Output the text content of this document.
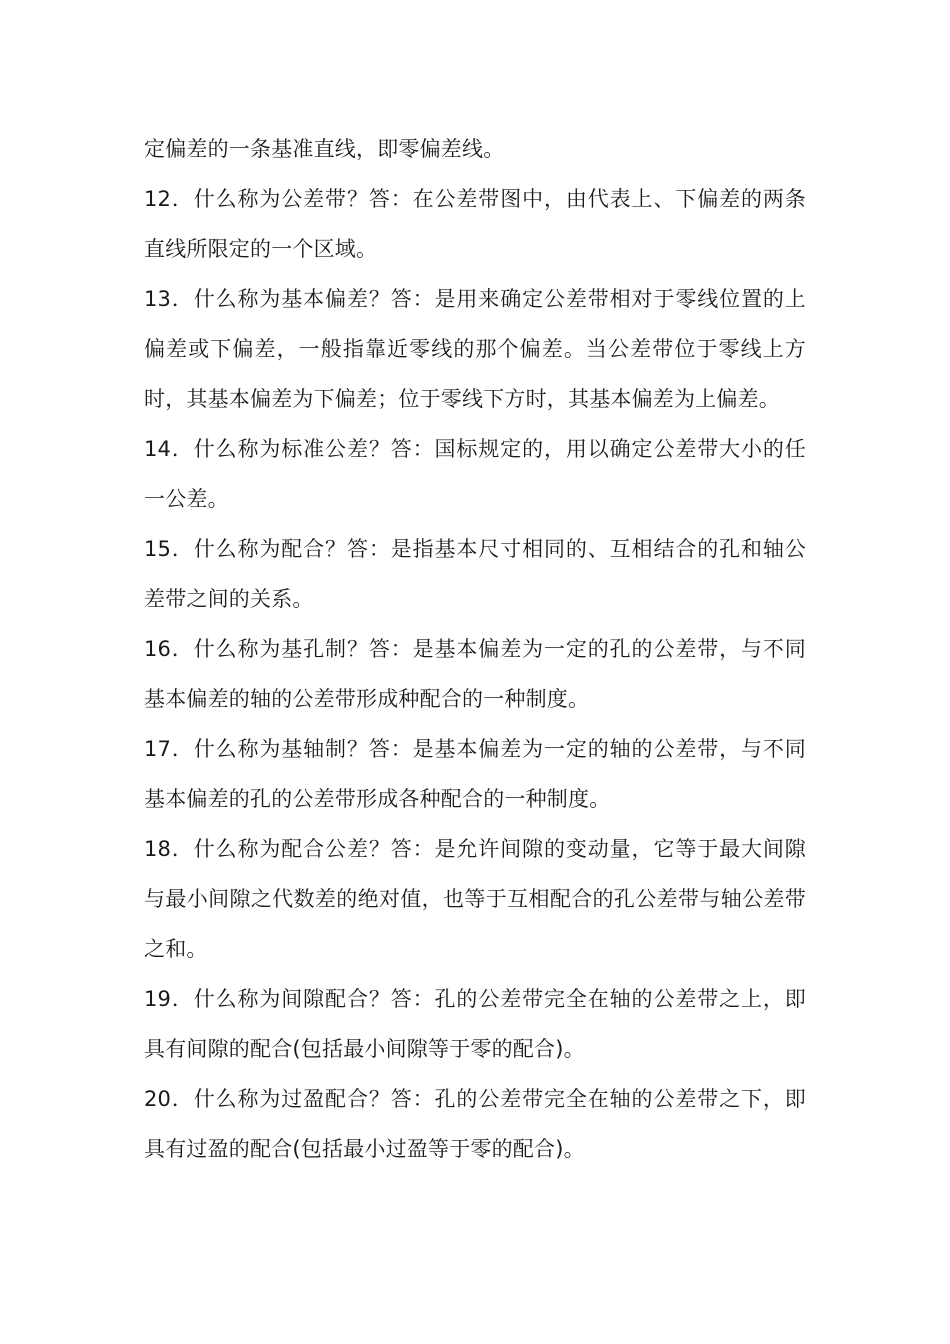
定偏差的一条基准直线，即零偏差线。

12．什么称为公差带？答：在公差带图中，由代表上、下偏差的两条直线所限定的一个区域。

13．什么称为基本偏差？答：是用来确定公差带相对于零线位置的上偏差或下偏差，一般指靠近零线的那个偏差。当公差带位于零线上方时，其基本偏差为下偏差；位于零线下方时，其基本偏差为上偏差。

14．什么称为标准公差？答：国标规定的，用以确定公差带大小的任一公差。

15．什么称为配合？答：是指基本尺寸相同的、互相结合的孔和轴公差带之间的关系。

16．什么称为基孔制？答：是基本偏差为一定的孔的公差带，与不同基本偏差的轴的公差带形成种配合的一种制度。

17．什么称为基轴制？答：是基本偏差为一定的轴的公差带，与不同基本偏差的孔的公差带形成各种配合的一种制度。

18．什么称为配合公差？答：是允许间隙的变动量，它等于最大间隙与最小间隙之代数差的绝对值，也等于互相配合的孔公差带与轴公差带之和。

19．什么称为间隙配合？答：孔的公差带完全在轴的公差带之上，即具有间隙的配合(包括最小间隙等于零的配合)。

20．什么称为过盈配合？答：孔的公差带完全在轴的公差带之下，即具有过盈的配合(包括最小过盈等于零的配合)。
